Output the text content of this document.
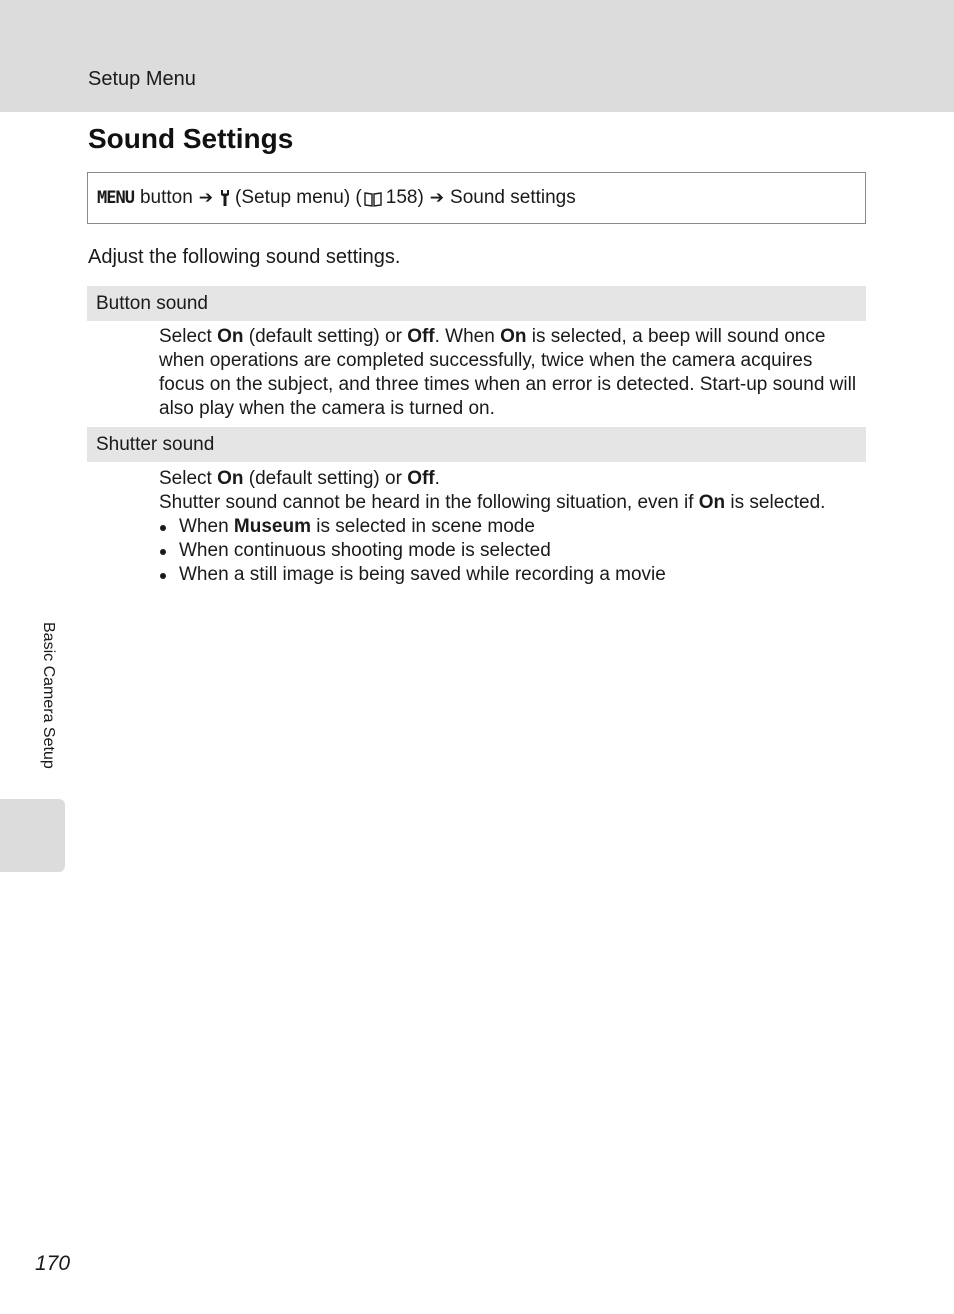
Setup Menu
Sound Settings
MENU button ➔ (Setup menu) ( 158) ➔ Sound settings
Adjust the following sound settings.
Button sound

Select On (default setting) or Off. When On is selected, a beep will sound once when operations are completed successfully, twice when the camera acquires focus on the subject, and three times when an error is detected. Start-up sound will also play when the camera is turned on.

Shutter sound

Select On (default setting) or Off.

Shutter sound cannot be heard in the following situation, even if On is selected.

When Museum is selected in scene mode
When continuous shooting mode is selected
When a still image is being saved while recording a movie
Basic Camera Setup
170
